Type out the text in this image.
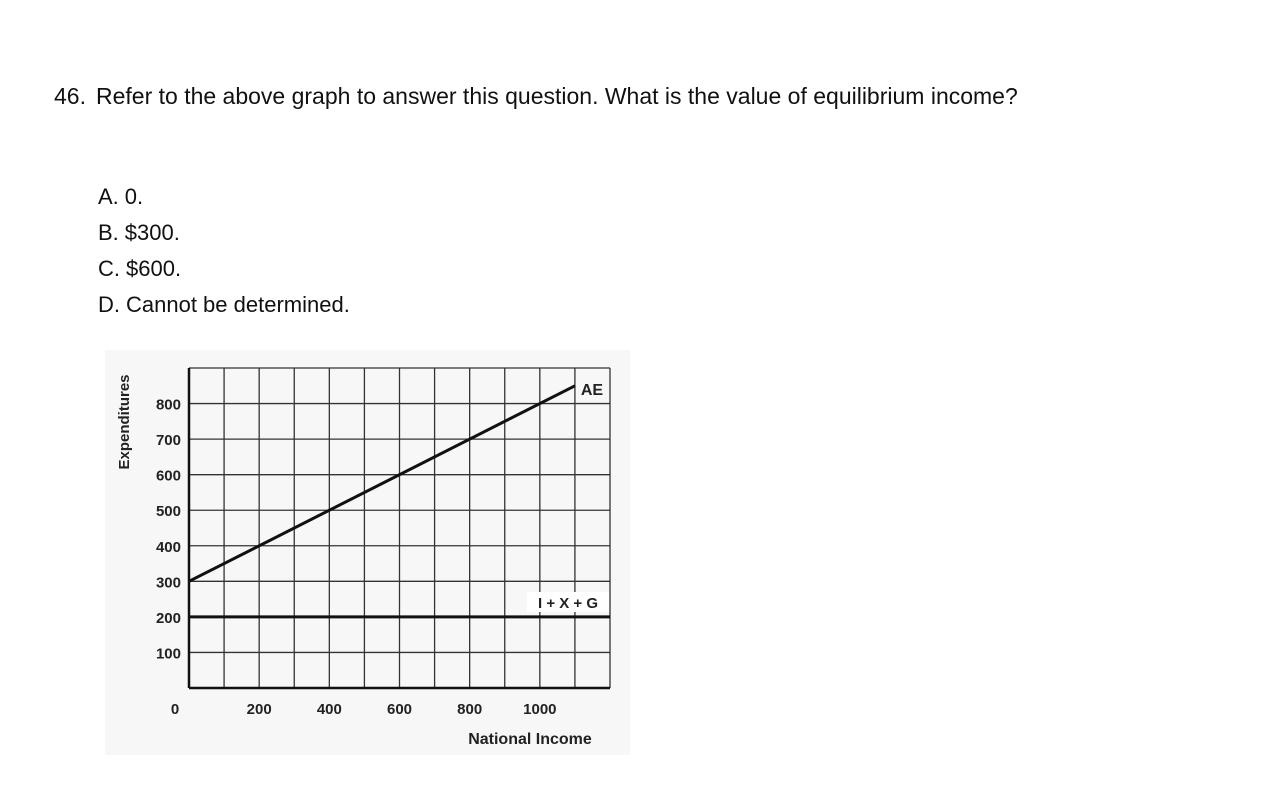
46. Refer to the above graph to answer this question. What is the value of equilibrium income?
A. 0.
B. $300.
C. $600.
D. Cannot be determined.
100
200
300
400
500
600
700
800
0	200	400	600	800	1000
Expenditures
National Income
AE
I + X + G
